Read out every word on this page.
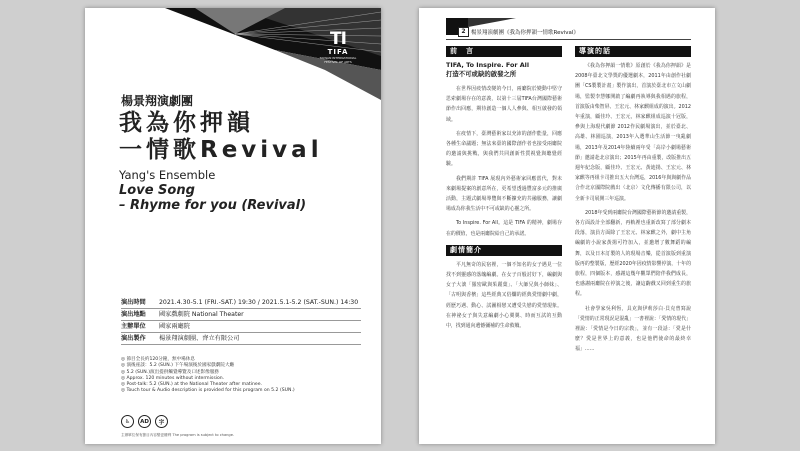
TI
TIFA
TAIWAN INTERNATIONAL FESTIVAL OF ARTS
楊景翔演劇團
我為你押韻
一情歌Revival
Yang's Ensemble
Love Song
– Rhyme for you (Revival)
演出時間	2021.4.30-5.1 (FRI.-SAT.) 19:30 / 2021.5.1-5.2 (SAT.-SUN.) 14:30
演出地點	國家戲劇院 National Theater
主辦單位	國家兩廳院
演出製作	楊景翔演劇團、齊立有限公司
◎ 節目全長約120分鐘，無中場休息
◎ 演後座談：5.2 (SUN.) 下午場演後於國家戲劇院大廳
◎ 5.2 (SUN.)演出提供觸覺導覽及口述影像服務
◎ Approx. 120 minutes without intermission.
◎ Post-talk: 5.2 (SUN.) at the National Theater after matinee.
◎ Touch tour & Audio description is provided for this program on 5.2 (SUN.)
♿	AD	字
主辦單位保有節目內容變更權利 The program is subject to change.
2 楊景翔演劇團《我為你押韻一情歌Revival》
前　言
TIFA, To Inspire. For All
打造不可或缺的啟發之所

在世界因疫情改變的今日，兩廳院於變動中堅守思索劇場存在的意義，以第十三屆TIFA台灣國際藝術節作出回應，期待創造一個人人參與、相互啟發的領域。

在疫情下，臺灣藝術家以充沛的創作能量，回應各種生命議題；無法來臺的國際創作者也接受兩廳院的邀請與挑戰，與我們共同創新性質視覺與聽覺經驗。

我們期許 TIFA 展現內外藝術家回應當代，對未來劇場提案的創意所在，更希望透過豐富多元的推廣活動，主題式劇場導覽與不斷擴充的共融服務，讓劇場成為你我生活中不可或缺的心靈之所。

To Inspire. For All。這是 TIFA 的精神，劇場存在的價值，也是兩廳院給自己的承諾。

劇情簡介

平凡無奇的民宿裡，一個不知名的女子遇見一位找不到靈感的落魄編劇。在女子百般討好下，編劇與女子大談「羅密歐與茱麗葉」、「大師兄與小師妹」、「古明與香檳」這些經典又俗爛的經典愛情劇中劇，經歷巧遇、動心、試圖相戀又遭受失戀的愛情現象。在神祕女子與失意編劇小心翼翼、時而互試的互動中，找到通向遺憾彌補的生命救贖。

導演的話

《我為你押韻一情歌》原創於《我為你押韻》是2008年臺北文學獎的優選劇本，2011年由創作社劇團「CS製製計畫」製作演出，首演於臺北市立文山劇場，監製李慧娜開啟了編劇再執導與我相遇的旅程，首演版由柴智屏、王宏元、林家麒組成的演出。2012年重演，顧佳玲、王宏元，林家麒組成巡演十冠版，參與上海現代劇節 2012作民劇場演出，並於臺北、高雄、林園巡演，2013年入選華山生活節一曳亂劇場，2013年及2014年陸續兩年受「高岸小劇場藝術節」邀請赴北京演出；2015年再由重製，改版推出五週年紀念版，顧佳玲、王宏元、黃迪揚、王宏元、林家麒等再組卡司推出五大台灣巡，2016年與與劇作品合作北京國際院戲出（北京）文化傳播有限公司，以全新卡司展開三年巡演。

2018年受到兩廳院台灣國際藝術節的邀請重製，各方面設計全部翻新，再軌裡也重新改寫了部分劇本段落，演員方面除了王宏元、林家麒之外，劇中主角編劇的小說家黃揚可符加入，並邀增了數舞蹈的編舞，以及日本訂製的人的現場音樂，從首演版到重演版再的整製版，歷經2020年因疫情影響停演，十年的旅程，四個版本，感謝這幾年觀眾們陪伴我們成長，也感謝兩廳院在停演之後，讓這齣戲又回到重生的旅程。

社會學家吳利恆，具克與伊莉莎白·貝克曾寫說「愛情的正常現況是混亂」一書裡說：「愛情的現代」裡說：「愛情是今日的宗教」，並有一段話：「愛是什麼？愛是世界上的意義，也是他們使命的最終幸福」……
